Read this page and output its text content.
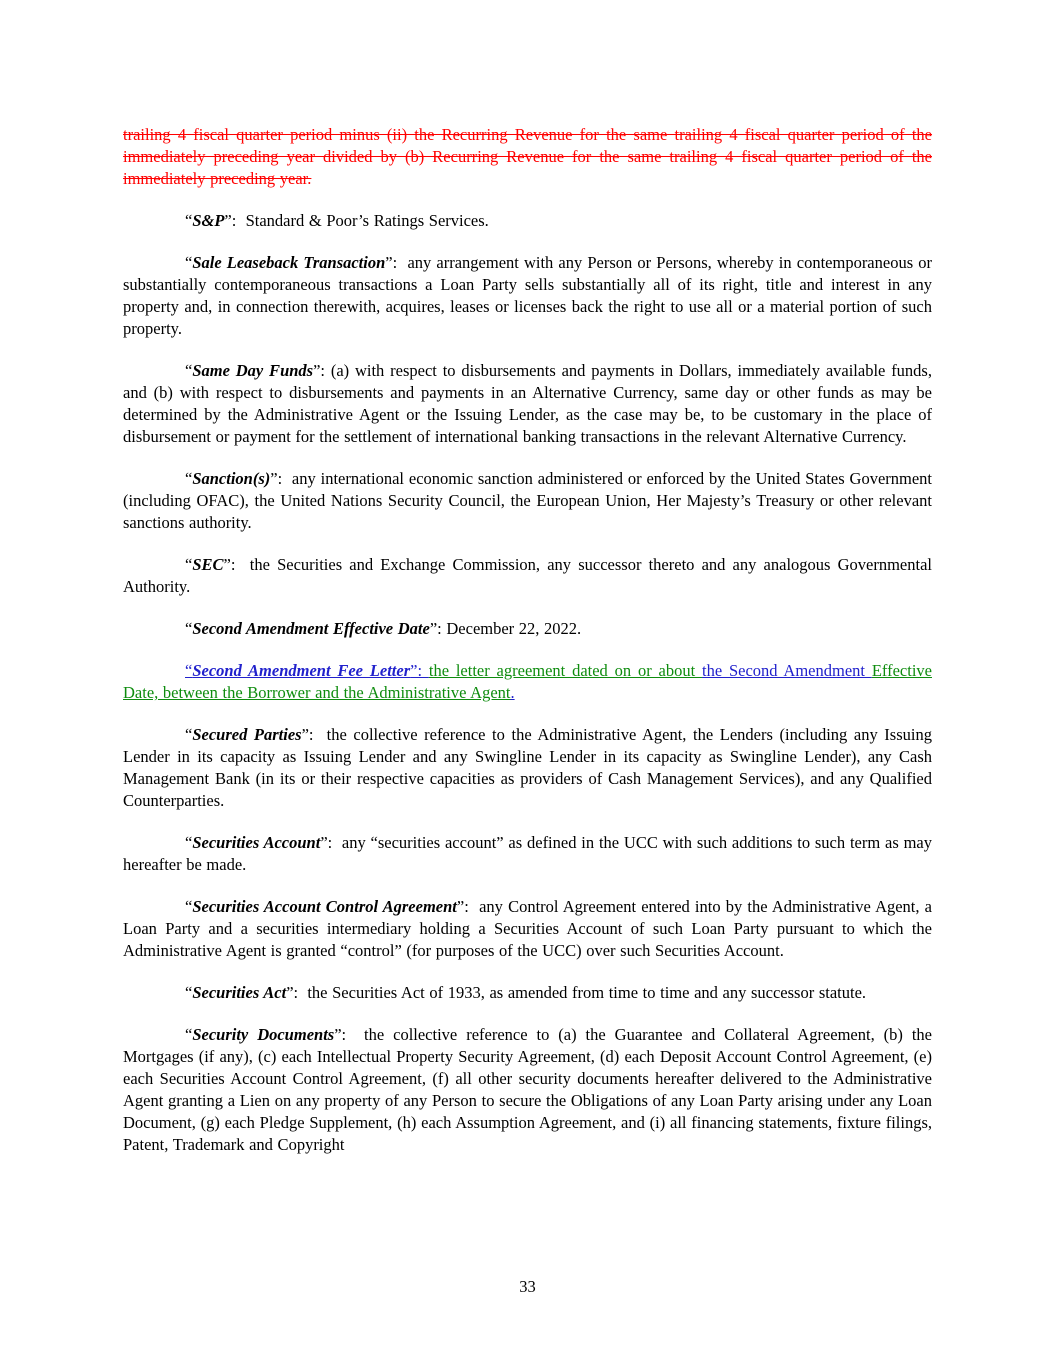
trailing 4 fiscal quarter period minus (ii) the Recurring Revenue for the same trailing 4 fiscal quarter period of the immediately preceding year divided by (b) Recurring Revenue for the same trailing 4 fiscal quarter period of the immediately preceding year.

“S&P”:  Standard & Poor’s Ratings Services.

“Sale Leaseback Transaction”:  any arrangement with any Person or Persons, whereby in contemporaneous or substantially contemporaneous transactions a Loan Party sells substantially all of its right, title and interest in any property and, in connection therewith, acquires, leases or licenses back the right to use all or a material portion of such property.

“Same Day Funds”: (a) with respect to disbursements and payments in Dollars, immediately available funds, and (b) with respect to disbursements and payments in an Alternative Currency, same day or other funds as may be determined by the Administrative Agent or the Issuing Lender, as the case may be, to be customary in the place of disbursement or payment for the settlement of international banking transactions in the relevant Alternative Currency.

“Sanction(s)”:  any international economic sanction administered or enforced by the United States Government (including OFAC), the United Nations Security Council, the European Union, Her Majesty’s Treasury or other relevant sanctions authority.

“SEC”:  the Securities and Exchange Commission, any successor thereto and any analogous Governmental Authority.

“Second Amendment Effective Date”: December 22, 2022.

“Second Amendment Fee Letter”: the letter agreement dated on or about the Second Amendment Effective Date, between the Borrower and the Administrative Agent.

“Secured Parties”:  the collective reference to the Administrative Agent, the Lenders (including any Issuing Lender in its capacity as Issuing Lender and any Swingline Lender in its capacity as Swingline Lender), any Cash Management Bank (in its or their respective capacities as providers of Cash Management Services), and any Qualified Counterparties.

“Securities Account”:  any “securities account” as defined in the UCC with such additions to such term as may hereafter be made.

“Securities Account Control Agreement”:  any Control Agreement entered into by the Administrative Agent, a Loan Party and a securities intermediary holding a Securities Account of such Loan Party pursuant to which the Administrative Agent is granted “control” (for purposes of the UCC) over such Securities Account.

“Securities Act”:  the Securities Act of 1933, as amended from time to time and any successor statute.

“Security Documents”:  the collective reference to (a) the Guarantee and Collateral Agreement, (b) the Mortgages (if any), (c) each Intellectual Property Security Agreement, (d) each Deposit Account Control Agreement, (e) each Securities Account Control Agreement, (f) all other security documents hereafter delivered to the Administrative Agent granting a Lien on any property of any Person to secure the Obligations of any Loan Party arising under any Loan Document, (g) each Pledge Supplement, (h) each Assumption Agreement, and (i) all financing statements, fixture filings, Patent, Trademark and Copyright

33
